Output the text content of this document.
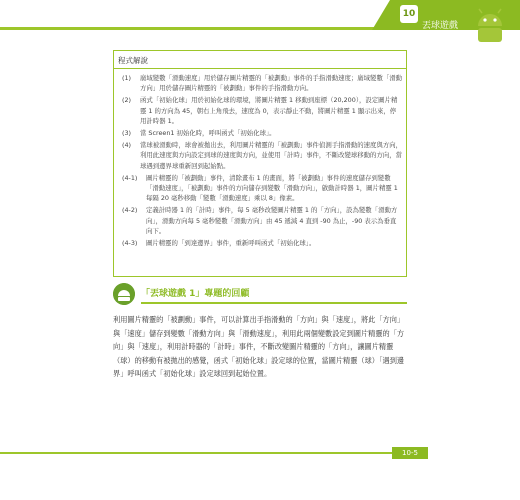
10
丟球遊戲
程式解說
(1) 廣域變數「滑動速度」用於儲存圖片精靈的「被劃動」事件的手指滑動速度；廣域變數「滑動方向」用於儲存圖片精靈的「被劃動」事件的手指滑動方向。
(2) 函式「初始化球」用於初始化球的環境，將圖片精靈 1 移動到座標（20,200），設定圖片精靈 1 的方向為 45，朝右上角飛去，速度為 0，表示靜止不動，將圖片精靈 1 顯示出來，停用計時器 1。
(3) 當 Screen1 初始化時，呼叫函式「初始化球」。
(4) 當球被滑動時，球會被拋出去，利用圖片精靈的「被劃動」事件偵測手指滑動的速度與方向，利用此速度與方向設定到球的速度與方向，並使用「計時」事件，不斷改變球移動的方向，當球遇到邊界球重新回到起始點。
(4-1) 圖片精靈的「被劃動」事件，清除畫布 1 的畫面，將「被劃動」事件的速度儲存到變數「滑動速度」，「被劃動」事件的方向儲存到變數「滑動方向」，啟動計時器 1，圖片精靈 1 每隔 20 毫秒移動「變數「滑動速度」乘以 8」像素。
(4-2) 定義計時器 1 的「計時」事件，每 5 毫秒改變圖片精靈 1 的「方向」，設為變數「滑動方向」，滑動方向每 5 毫秒變數「滑動方向」由 45 遞減 4 直到 -90 為止，-90 表示為垂直向下。
(4-3) 圖片精靈的「到達邊界」事件，重新呼叫函式「初始化球」。
「丟球遊戲 1」專題的回顧
利用圖片精靈的「被劃動」事件，可以計算出手指滑動的「方向」與「速度」，將此「方向」與「速度」儲存到變數「滑動方向」與「滑動速度」，利用此兩個變數設定到圖片精靈的「方向」與「速度」，利用計時器的「計時」事件，不斷改變圖片精靈的「方向」，讓圖片精靈（球）的移動有被拋出的感覺，函式「初始化球」設定球的位置，當圖片精靈（球）「遇到邊界」呼叫函式「初始化球」設定球回到起始位置。
10-5
